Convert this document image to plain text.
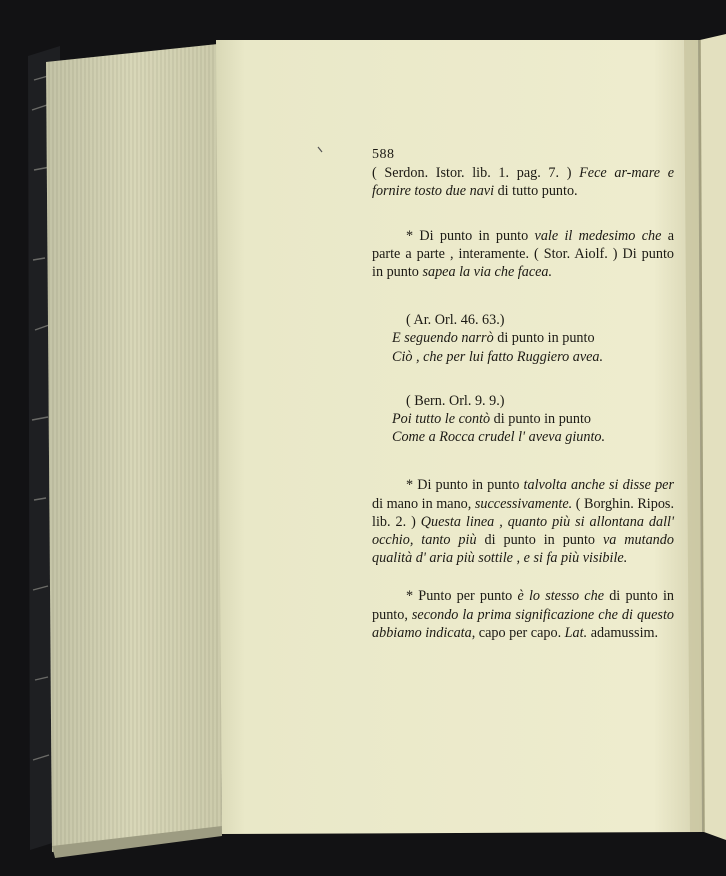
588

( Serdon. Istor. lib. 1. pag. 7. ) Fece ar-mare e fornire tosto due navi di tutto punto.

* Di punto in punto vale il medesimo che a parte a parte , interamente. ( Stor. Aiolf. ) Di punto in punto sapea la via che facea.

( Ar. Orl. 46. 63.)

E seguendo narrò di punto in punto
Ciò , che per lui fatto Ruggiero avea.

( Bern. Orl. 9. 9.)

Poi tutto le contò di punto in punto
Come a Rocca crudel l' aveva giunto.

* Di punto in punto talvolta anche si disse per di mano in mano, successivamente. ( Borghin. Ripos. lib. 2. ) Questa linea , quanto più si allontana dall' occhio, tanto più di punto in punto va mutando qualità d' aria più sottile , e si fa più visibile.

* Punto per punto è lo stesso che di punto in punto, secondo la prima significazione che di questo abbiamo indicata, capo per capo. Lat. adamussim.
